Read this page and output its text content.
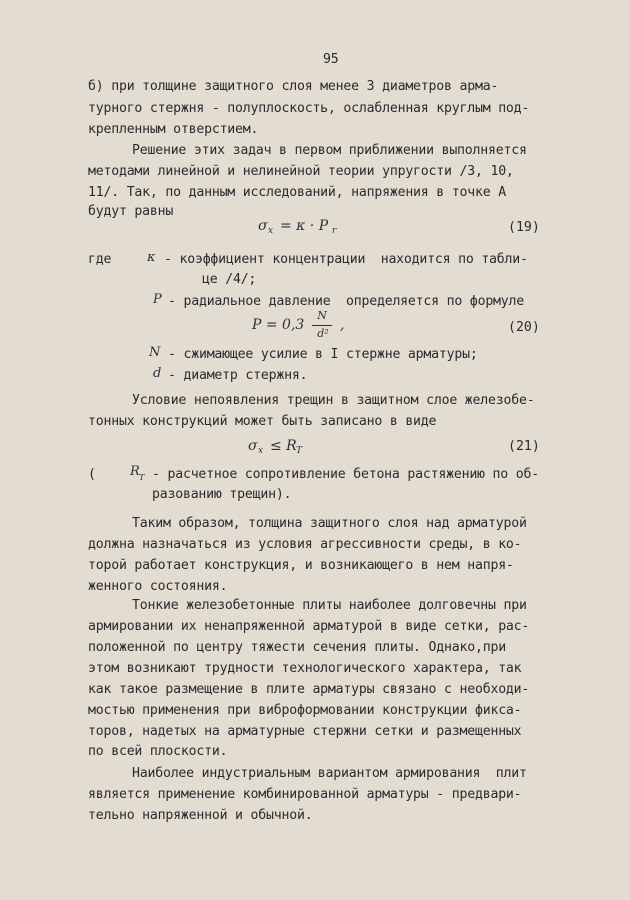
95
б) при толщине защитного слоя менее 3 диаметров арма-
турного стержня - полуплоскость, ослабленная круглым под-
крепленным отверстием.
Решение этих задач в первом приближении выполняется
методами линейной и нелинейной теории упругости /3, 10,
11/. Так, по данным исследований, напряжения в точке А
будут равны
σ x = κ · P r	(19)
где	κ - коэффициент концентрации  находится по табли-
це /4/;
P - радиальное давление  определяется по формуле
P = 0,3
N
d²
,	(20)
N - сжимающее усилие в I стержне арматуры;
d - диаметр стержня.
Условие непоявления трещин в защитном слое железобе-
тонных конструкций может быть записано в виде
σ x ≤ R T	(21)
(	R T - расчетное сопротивление бетона растяжению по об-
разованию трещин).
Таким образом, толщина защитного слоя над арматурой
должна назначаться из условия агрессивности среды, в ко-
торой работает конструкция, и возникающего в нем напря-
женного состояния.
Тонкие железобетонные плиты наиболее долговечны при
армировании их ненапряженной арматурой в виде сетки, рас-
положенной по центру тяжести сечения плиты. Однако,при
этом возникают трудности технологического характера, так
как такое размещение в плите арматуры связано с необходи-
мостью применения при виброформовании конструкции фикса-
торов, надетых на арматурные стержни сетки и размещенных
по всей плоскости.
Наиболее индустриальным вариантом армирования  плит
является применение комбинированной арматуры - предвари-
тельно напряженной и обычной.
